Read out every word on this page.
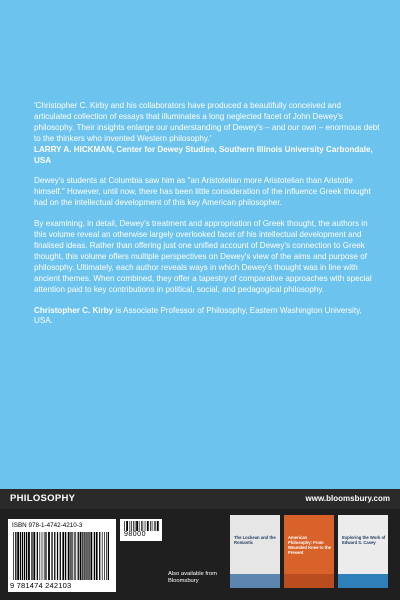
'Christopher C. Kirby and his collaborators have produced a beautifully conceived and articulated collection of essays that illuminates a long neglected facet of John Dewey's philosophy. Their insights enlarge our understanding of Dewey's – and our own – enormous debt to the thinkers who invented Western philosophy.'
LARRY A. HICKMAN, Center for Dewey Studies, Southern Illinois University Carbondale, USA

Dewey's students at Columbia saw him as "an Aristotelian more Aristotelian than Aristotle himself." However, until now, there has been little consideration of the influence Greek thought had on the intellectual development of this key American philosopher.

By examining, in detail, Dewey's treatment and appropriation of Greek thought, the authors in this volume reveal an otherwise largely overlooked facet of his intellectual development and finalised ideas. Rather than offering just one unified account of Dewey's connection to Greek thought, this volume offers multiple perspectives on Dewey's view of the aims and purpose of philosophy. Ultimately, each author reveals ways in which Dewey's thought was in line with ancient themes. When combined, they offer a tapestry of comparative approaches with special attention paid to key contributions in political, social, and pedagogical philosophy.

Christopher C. Kirby is Associate Professor of Philosophy, Eastern Washington University, USA.

PHILOSOPHY	www.bloomsbury.com
ISBN 978-1-4742-4210-3
9 781474 242103
98000
Also available from Bloomsbury
The Lockean and the Romantic
American Philosophy: From Wounded Knee to the Present
Exploring the Work of Edward S. Casey
